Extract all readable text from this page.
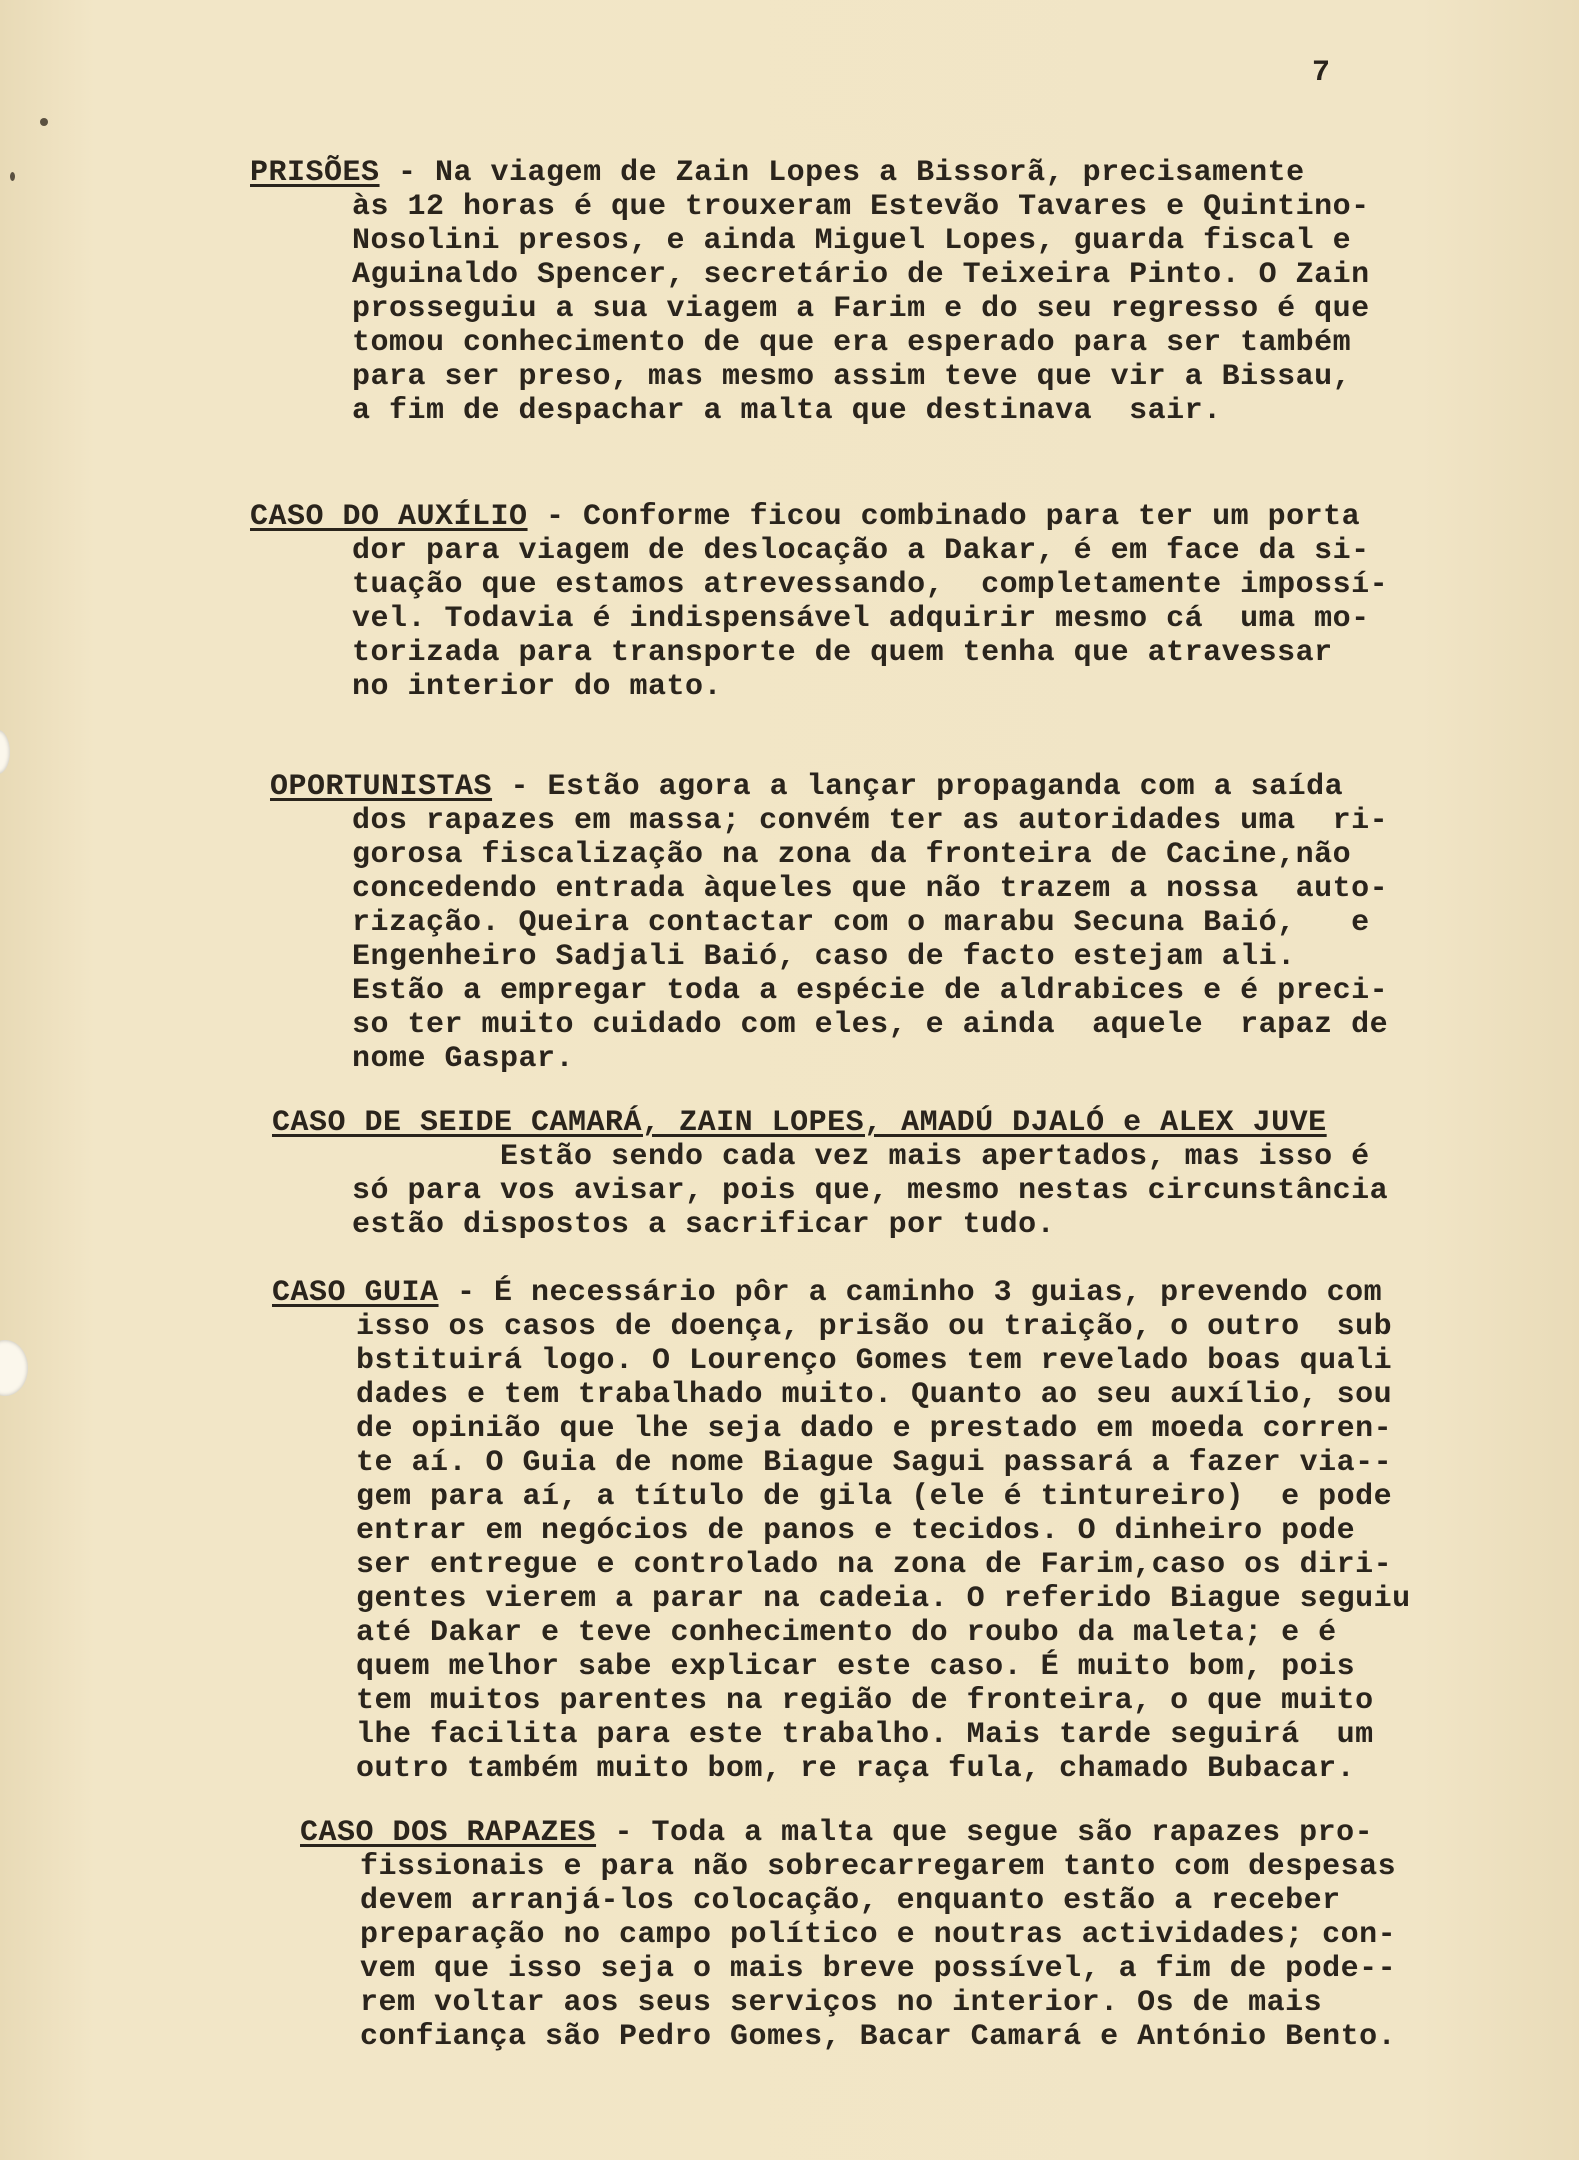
7
PRISÕES - Na viagem de Zain Lopes a Bissorã, precisamente
às 12 horas é que trouxeram Estevão Tavares e Quintino-
Nosolini presos, e ainda Miguel Lopes, guarda fiscal e
Aguinaldo Spencer, secretário de Teixeira Pinto. O Zain
prosseguiu a sua viagem a Farim e do seu regresso é que
tomou conhecimento de que era esperado para ser também
para ser preso, mas mesmo assim teve que vir a Bissau,
a fim de despachar a malta que destinava  sair.
CASO DO AUXÍLIO - Conforme ficou combinado para ter um porta
dor para viagem de deslocação a Dakar, é em face da si-
tuação que estamos atrevessando,  completamente impossí-
vel. Todavia é indispensável adquirir mesmo cá  uma mo-
torizada para transporte de quem tenha que atravessar
no interior do mato.
OPORTUNISTAS - Estão agora a lançar propaganda com a saída
dos rapazes em massa; convém ter as autoridades uma  ri-
gorosa fiscalização na zona da fronteira de Cacine,não
concedendo entrada àqueles que não trazem a nossa  auto-
rização. Queira contactar com o marabu Secuna Baió,   e
Engenheiro Sadjali Baió, caso de facto estejam ali.
Estão a empregar toda a espécie de aldrabices e é preci-
so ter muito cuidado com eles, e ainda  aquele  rapaz de
nome Gaspar.
CASO DE SEIDE CAMARÁ, ZAIN LOPES, AMADÚ DJALÓ e ALEX JUVE
Estão sendo cada vez mais apertados, mas isso é
só para vos avisar, pois que, mesmo nestas circunstância
estão dispostos a sacrificar por tudo.
CASO GUIA - É necessário pôr a caminho 3 guias, prevendo com
isso os casos de doença, prisão ou traição, o outro  sub
bstituirá logo. O Lourenço Gomes tem revelado boas quali
dades e tem trabalhado muito. Quanto ao seu auxílio, sou
de opinião que lhe seja dado e prestado em moeda corren-
te aí. O Guia de nome Biague Sagui passará a fazer via--
gem para aí, a título de gila (ele é tintureiro)  e pode
entrar em negócios de panos e tecidos. O dinheiro pode
ser entregue e controlado na zona de Farim,caso os diri-
gentes vierem a parar na cadeia. O referido Biague seguiu
até Dakar e teve conhecimento do roubo da maleta; e é
quem melhor sabe explicar este caso. É muito bom, pois
tem muitos parentes na região de fronteira, o que muito
lhe facilita para este trabalho. Mais tarde seguirá  um
outro também muito bom, re raça fula, chamado Bubacar.
CASO DOS RAPAZES - Toda a malta que segue são rapazes pro-
fissionais e para não sobrecarregarem tanto com despesas
devem arranjá-los colocação, enquanto estão a receber
preparação no campo político e noutras actividades; con-
vem que isso seja o mais breve possível, a fim de pode--
rem voltar aos seus serviços no interior. Os de mais
confiança são Pedro Gomes, Bacar Camará e António Bento.
